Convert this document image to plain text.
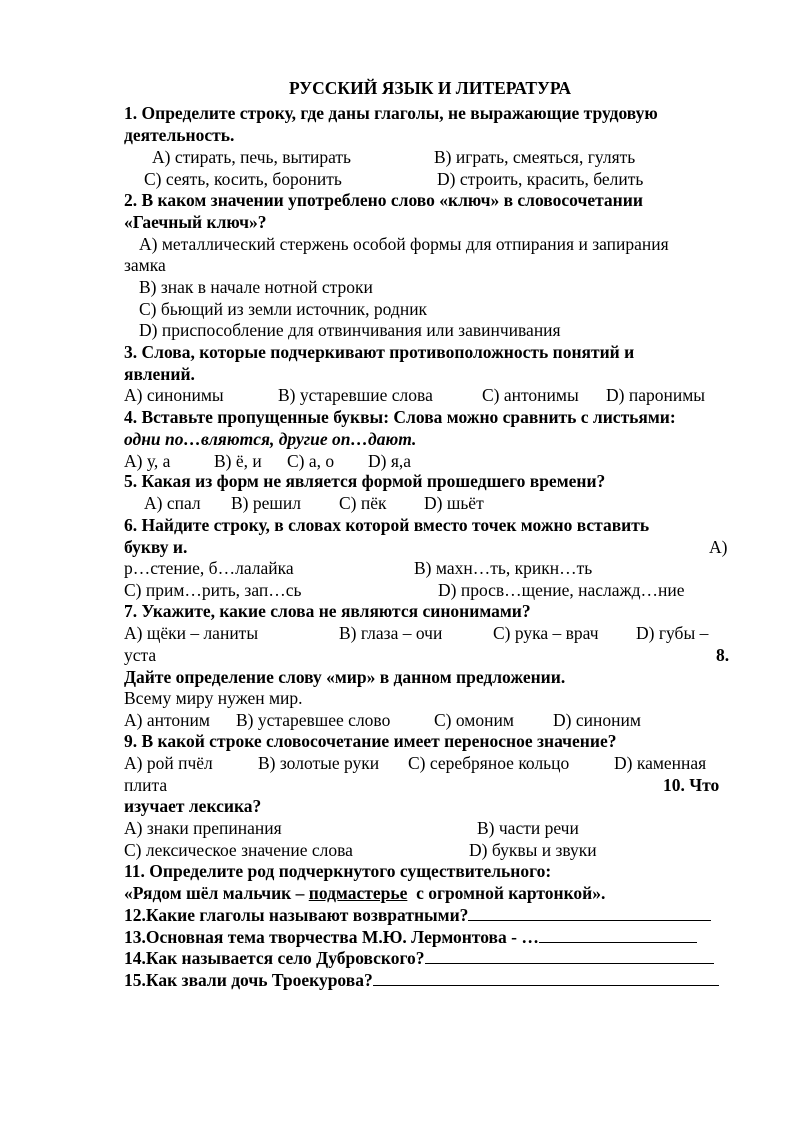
РУССКИЙ ЯЗЫК И ЛИТЕРАТУРА
1. Определите строку, где даны глаголы, не выражающие трудовую
деятельность.
А) стирать, печь, вытирать	В) играть, смеяться, гулять
С) сеять, косить, боронить	D) строить, красить, белить
2. В каком значении употреблено слово «ключ» в словосочетании
«Гаечный ключ»?
А) металлический стержень особой формы для отпирания и запирания
замка
В) знак в начале нотной строки
С) бьющий из земли источник, родник
D) приспособление для отвинчивания или завинчивания
3. Слова, которые подчеркивают противоположность понятий и
явлений.
А) синонимы	В) устаревшие слова	С) антонимы D) паронимы
4. Вставьте пропущенные буквы: Слова можно сравнить с листьями:
одни по…вляются, другие оп…дают.
А) у, а В) ё, и С) а, о D) я,а
5. Какая из форм не является формой прошедшего времени?
А) спал В) решил С) пёк D) шьёт
6. Найдите строку, в словах которой вместо точек можно вставить
букву и.	А)
р…стение, б…лалайка	В) махн…ть, крикн…ть
С) прим…рить, зап…сь	D) просв…щение, наслажд…ние
7. Укажите, какие слова не являются синонимами?
А) щёки – ланиты	В) глаза – очи	С) рука – врач D) губы –
уста	8.
Дайте определение слову «мир» в данном предложении.
Всему миру нужен мир.
А) антоним В) устаревшее слово С) омоним D) синоним
9. В какой строке словосочетание имеет переносное значение?
А) рой пчёл	В) золотые руки С) серебряное кольцо	D) каменная
плита	10. Что
изучает лексика?
А) знаки препинания	В) части речи
С) лексическое значение слова	D) буквы и звуки
11. Определите род подчеркнутого существительного:
«Рядом шёл мальчик – подмастерье  с огромной картонкой».
12.Какие глаголы называют возвратными?
13.Основная тема творчества М.Ю. Лермонтова - …
14.Как называется село Дубровского?
15.Как звали дочь Троекурова?
